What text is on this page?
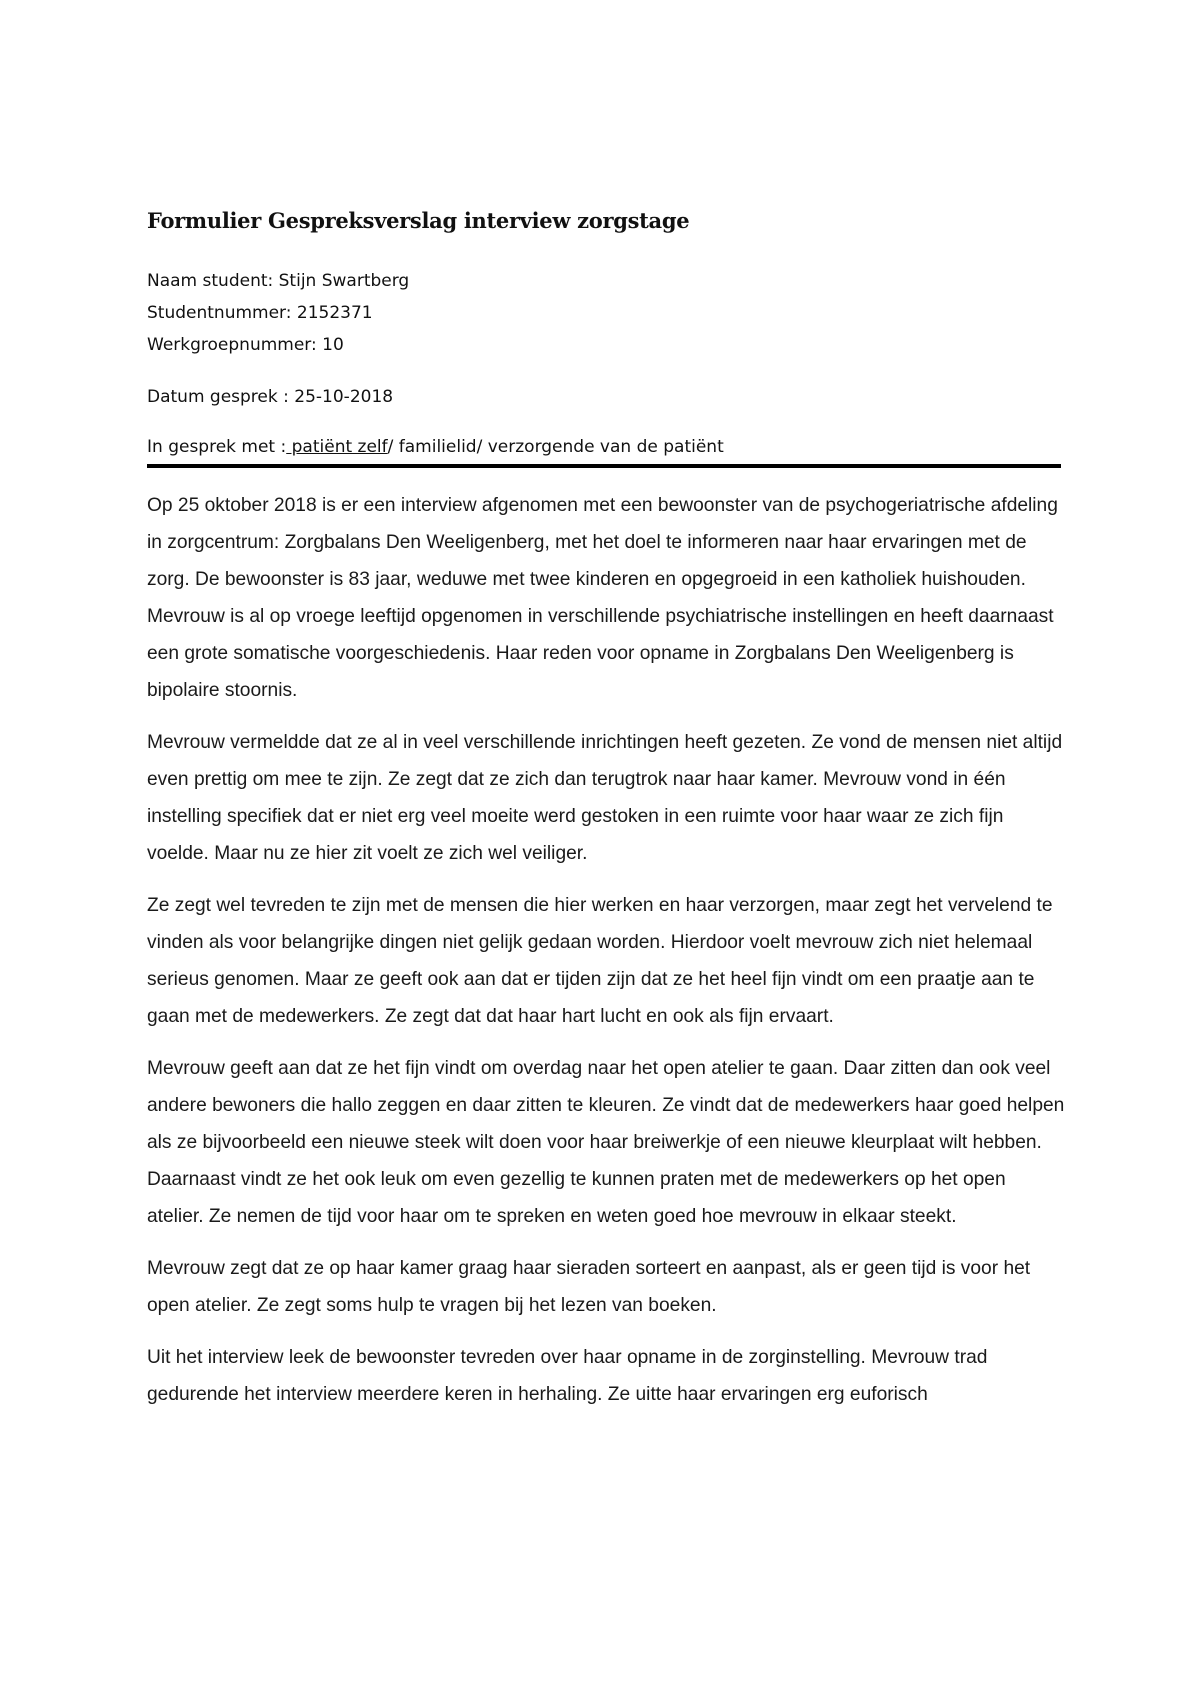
Formulier Gespreksverslag interview zorgstage
Naam student: Stijn Swartberg
Studentnummer: 2152371
Werkgroepnummer: 10
Datum gesprek : 25-10-2018
In gesprek met : patiënt zelf/ familielid/ verzorgende van de patiënt

Op 25 oktober 2018 is er een interview afgenomen met een bewoonster van de psychogeriatrische afdeling in zorgcentrum: Zorgbalans Den Weeligenberg, met het doel te informeren naar haar ervaringen met de zorg. De bewoonster is 83 jaar, weduwe met twee kinderen en opgegroeid in een katholiek huishouden. Mevrouw is al op vroege leeftijd opgenomen in verschillende psychiatrische instellingen en heeft daarnaast een grote somatische voorgeschiedenis. Haar reden voor opname in Zorgbalans Den Weeligenberg is bipolaire stoornis.

Mevrouw vermeldde dat ze al in veel verschillende inrichtingen heeft gezeten. Ze vond de mensen niet altijd even prettig om mee te zijn. Ze zegt dat ze zich dan terugtrok naar haar kamer. Mevrouw vond in één instelling specifiek dat er niet erg veel moeite werd gestoken in een ruimte voor haar waar ze zich fijn voelde. Maar nu ze hier zit voelt ze zich wel veiliger.

Ze zegt wel tevreden te zijn met de mensen die hier werken en haar verzorgen, maar zegt het vervelend te vinden als voor belangrijke dingen niet gelijk gedaan worden. Hierdoor voelt mevrouw zich niet helemaal serieus genomen. Maar ze geeft ook aan dat er tijden zijn dat ze het heel fijn vindt om een praatje aan te gaan met de medewerkers. Ze zegt dat dat haar hart lucht en ook als fijn ervaart.

Mevrouw geeft aan dat ze het fijn vindt om overdag naar het open atelier te gaan. Daar zitten dan ook veel andere bewoners die hallo zeggen en daar zitten te kleuren. Ze vindt dat de medewerkers haar goed helpen als ze bijvoorbeeld een nieuwe steek wilt doen voor haar breiwerkje of een nieuwe kleurplaat wilt hebben. Daarnaast vindt ze het ook leuk om even gezellig te kunnen praten met de medewerkers op het open atelier. Ze nemen de tijd voor haar om te spreken en weten goed hoe mevrouw in elkaar steekt.

Mevrouw zegt dat ze op haar kamer graag haar sieraden sorteert en aanpast, als er geen tijd is voor het open atelier. Ze zegt soms hulp te vragen bij het lezen van boeken.

Uit het interview leek de bewoonster tevreden over haar opname in de zorginstelling. Mevrouw trad gedurende het interview meerdere keren in herhaling. Ze uitte haar ervaringen erg euforisch
